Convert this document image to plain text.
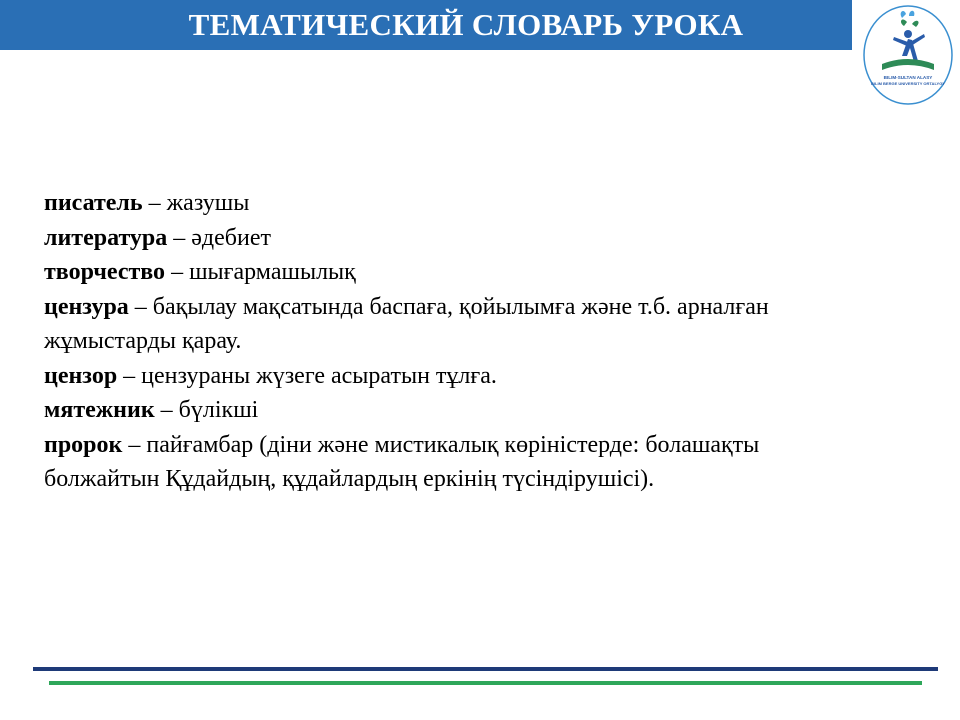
ТЕМАТИЧЕСКИЙ СЛОВАРЬ УРОКА
BILIM-SULTAN ALASY
BILIM BERGE UNIVERSITY ORTALYGY
писатель – жазушы
литература – әдебиет
творчество – шығармашылық
цензура – бақылау мақсатында баспаға, қойылымға және т.б. арналған жұмыстарды қарау.
цензор – цензураны жүзеге асыратын тұлға.
мятежник – бүлікші
пророк – пайғамбар (діни және мистикалық көріністерде: болашақты болжайтын Құдайдың, құдайлардың еркінің түсіндірушісі).
